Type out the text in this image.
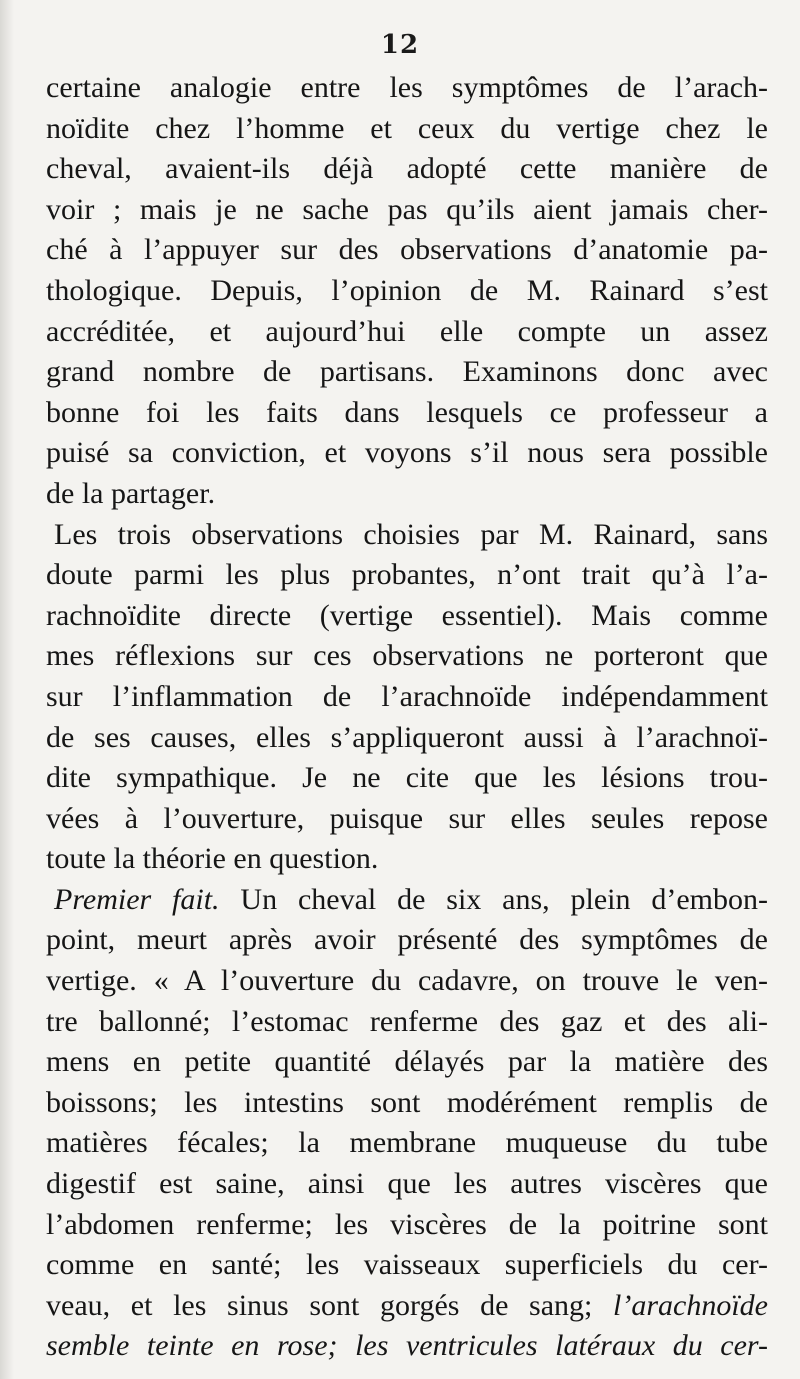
12
certaine analogie entre les symptômes de l’arach-
noïdite chez l’homme et ceux du vertige chez le
cheval, avaient-ils déjà adopté cette manière de
voir ; mais je ne sache pas qu’ils aient jamais cher-
ché à l’appuyer sur des observations d’anatomie pa-
thologique. Depuis, l’opinion de M. Rainard s’est
accréditée, et aujourd’hui elle compte un assez
grand nombre de partisans. Examinons donc avec
bonne foi les faits dans lesquels ce professeur a
puisé sa conviction, et voyons s’il nous sera possible
de la partager.
Les trois observations choisies par M. Rainard, sans
doute parmi les plus probantes, n’ont trait qu’à l’a-
rachnoïdite directe (vertige essentiel). Mais comme
mes réflexions sur ces observations ne porteront que
sur l’inflammation de l’arachnoïde indépendamment
de ses causes, elles s’appliqueront aussi à l’arachnoï-
dite sympathique. Je ne cite que les lésions trou-
vées à l’ouverture, puisque sur elles seules repose
toute la théorie en question.
Premier fait. Un cheval de six ans, plein d’embon-
point, meurt après avoir présenté des symptômes de
vertige. « A l’ouverture du cadavre, on trouve le ven-
tre ballonné; l’estomac renferme des gaz et des ali-
mens en petite quantité délayés par la matière des
boissons; les intestins sont modérément remplis de
matières fécales; la membrane muqueuse du tube
digestif est saine, ainsi que les autres viscères que
l’abdomen renferme; les viscères de la poitrine sont
comme en santé; les vaisseaux superficiels du cer-
veau, et les sinus sont gorgés de sang; l’arachnoïde
semble teinte en rose; les ventricules latéraux du cer-
